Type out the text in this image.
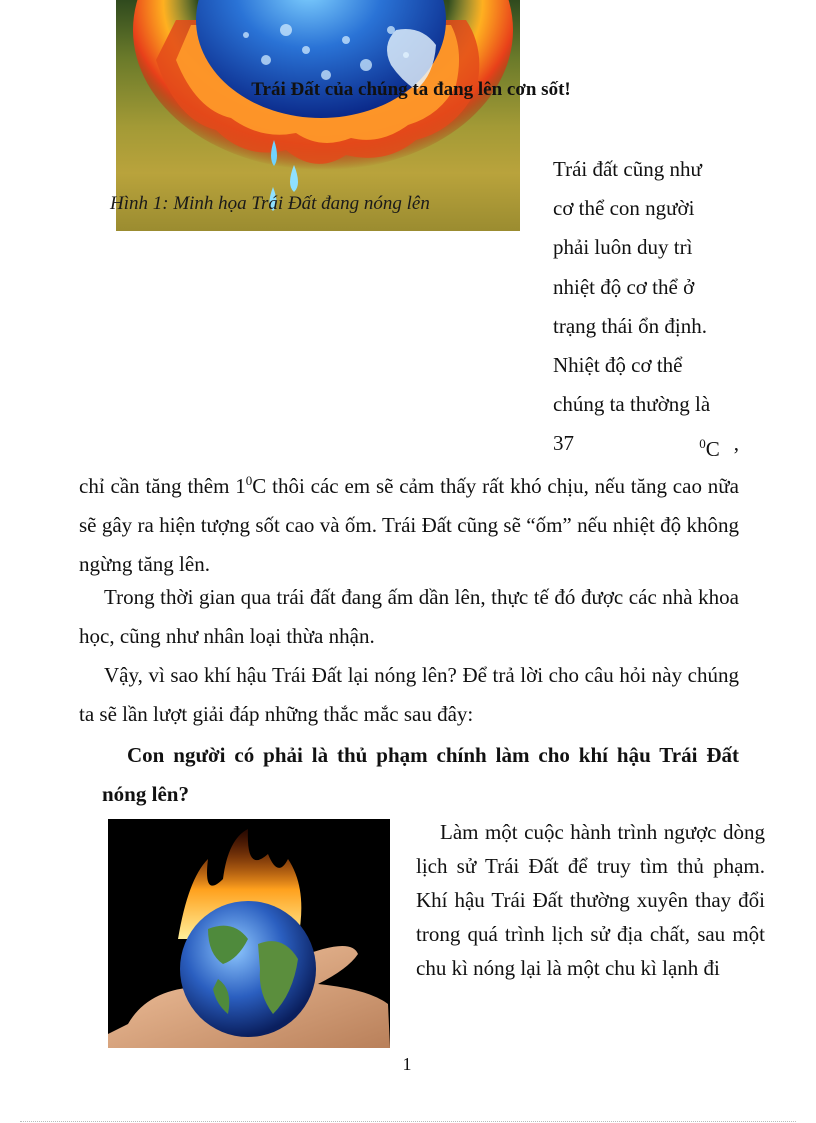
Trái Đất của chúng ta đang lên cơn sốt!
Hình 1: Minh họa Trái Đất đang nóng lên

Trái đất cũng như

cơ thể con người

phải luôn duy trì

nhiệt độ cơ thể ở

trạng thái ổn định.

Nhiệt độ cơ thể

chúng ta thường là

37	$^0$C ,

chỉ cần tăng thêm $1^0C$ thôi các em sẽ cảm thấy rất khó chịu, nếu tăng cao nữa sẽ gây ra hiện tượng sốt cao và ốm. Trái Đất cũng sẽ “ốm” nếu nhiệt độ không ngừng tăng lên.

Trong thời gian qua trái đất đang ấm dần lên, thực tế đó được các nhà khoa học, cũng như nhân loại thừa nhận.

Vậy, vì sao khí hậu Trái Đất lại nóng lên? Để trả lời cho câu hỏi này chúng ta sẽ lần lượt giải đáp những thắc mắc sau đây:

Con người có phải là thủ phạm chính làm cho khí hậu Trái Đất nóng lên?

Làm một cuộc hành trình ngược dòng lịch sử Trái Đất để truy tìm thủ phạm. Khí hậu Trái Đất thường xuyên thay đổi trong quá trình lịch sử địa chất, sau một chu kì nóng lại là một chu kì lạnh đi

1
